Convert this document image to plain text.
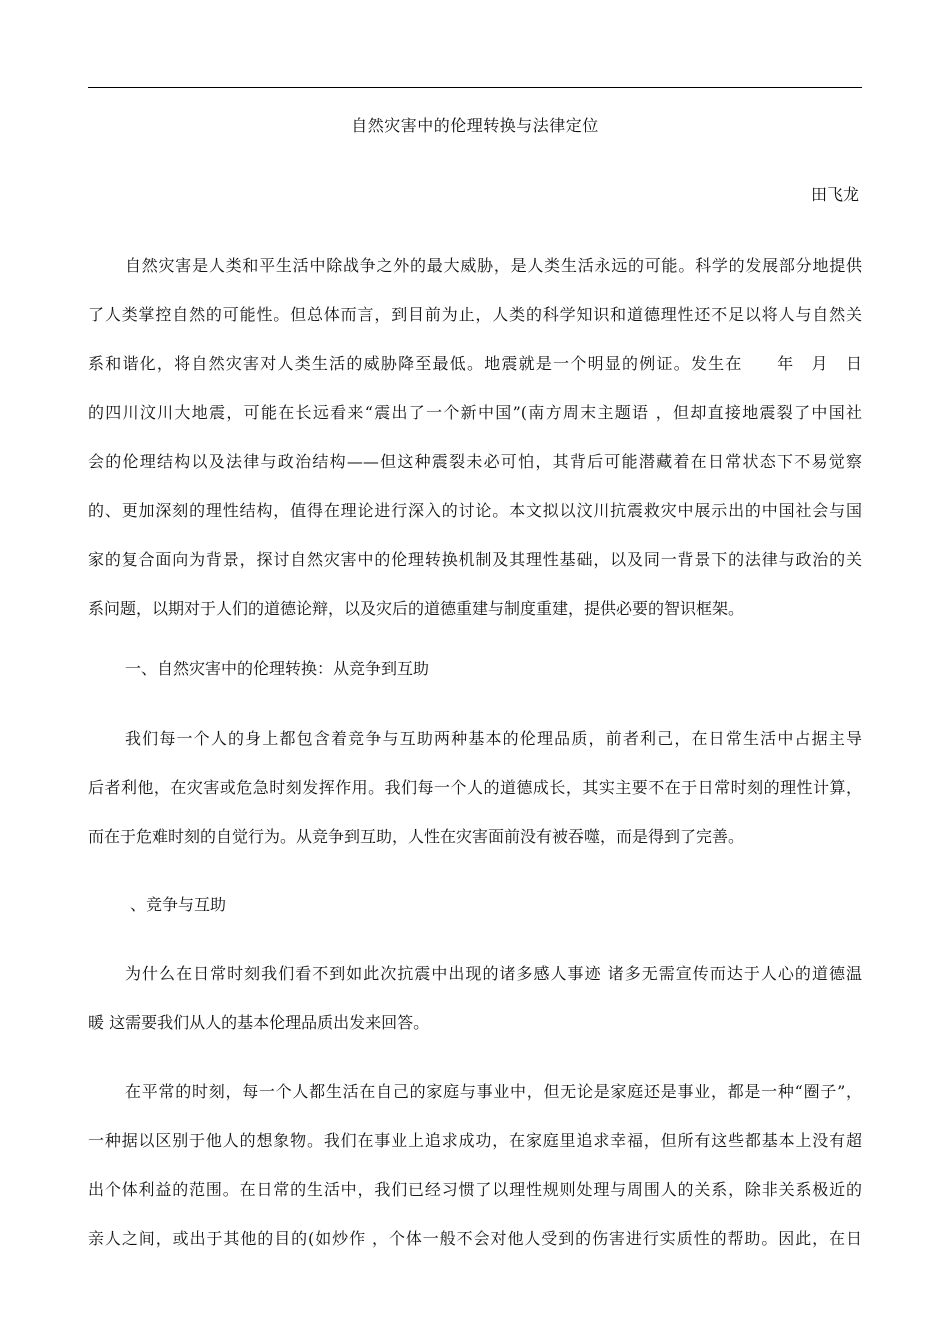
自然灾害中的伦理转换与法律定位
田飞龙
自然灾害是人类和平生活中除战争之外的最大威胁，是人类生活永远的可能。科学的发展部分地提供
了人类掌控自然的可能性。但总体而言，到目前为止，人类的科学知识和道德理性还不足以将人与自然关
系和谐化，将自然灾害对人类生活的威胁降至最低。地震就是一个明显的例证。发生在　　年　月　日
的四川汶川大地震，可能在长远看来“震出了一个新中国”(南方周末主题语 ，但却直接地震裂了中国社
会的伦理结构以及法律与政治结构——但这种震裂未必可怕，其背后可能潜藏着在日常状态下不易觉察
的、更加深刻的理性结构，值得在理论进行深入的讨论。本文拟以汶川抗震救灾中展示出的中国社会与国
家的复合面向为背景，探讨自然灾害中的伦理转换机制及其理性基础，以及同一背景下的法律与政治的关
系问题，以期对于人们的道德论辩，以及灾后的道德重建与制度重建，提供必要的智识框架。
一、自然灾害中的伦理转换：从竞争到互助
我们每一个人的身上都包含着竞争与互助两种基本的伦理品质，前者利己，在日常生活中占据主导
后者利他，在灾害或危急时刻发挥作用。我们每一个人的道德成长，其实主要不在于日常时刻的理性计算，
而在于危难时刻的自觉行为。从竞争到互助，人性在灾害面前没有被吞噬，而是得到了完善。
、竞争与互助
为什么在日常时刻我们看不到如此次抗震中出现的诸多感人事迹 诸多无需宣传而达于人心的道德温
暖 这需要我们从人的基本伦理品质出发来回答。
在平常的时刻，每一个人都生活在自己的家庭与事业中，但无论是家庭还是事业，都是一种“圈子”，
一种据以区别于他人的想象物。我们在事业上追求成功，在家庭里追求幸福，但所有这些都基本上没有超
出个体利益的范围。在日常的生活中，我们已经习惯了以理性规则处理与周围人的关系，除非关系极近的
亲人之间，或出于其他的目的(如炒作 ，个体一般不会对他人受到的伤害进行实质性的帮助。因此，在日
